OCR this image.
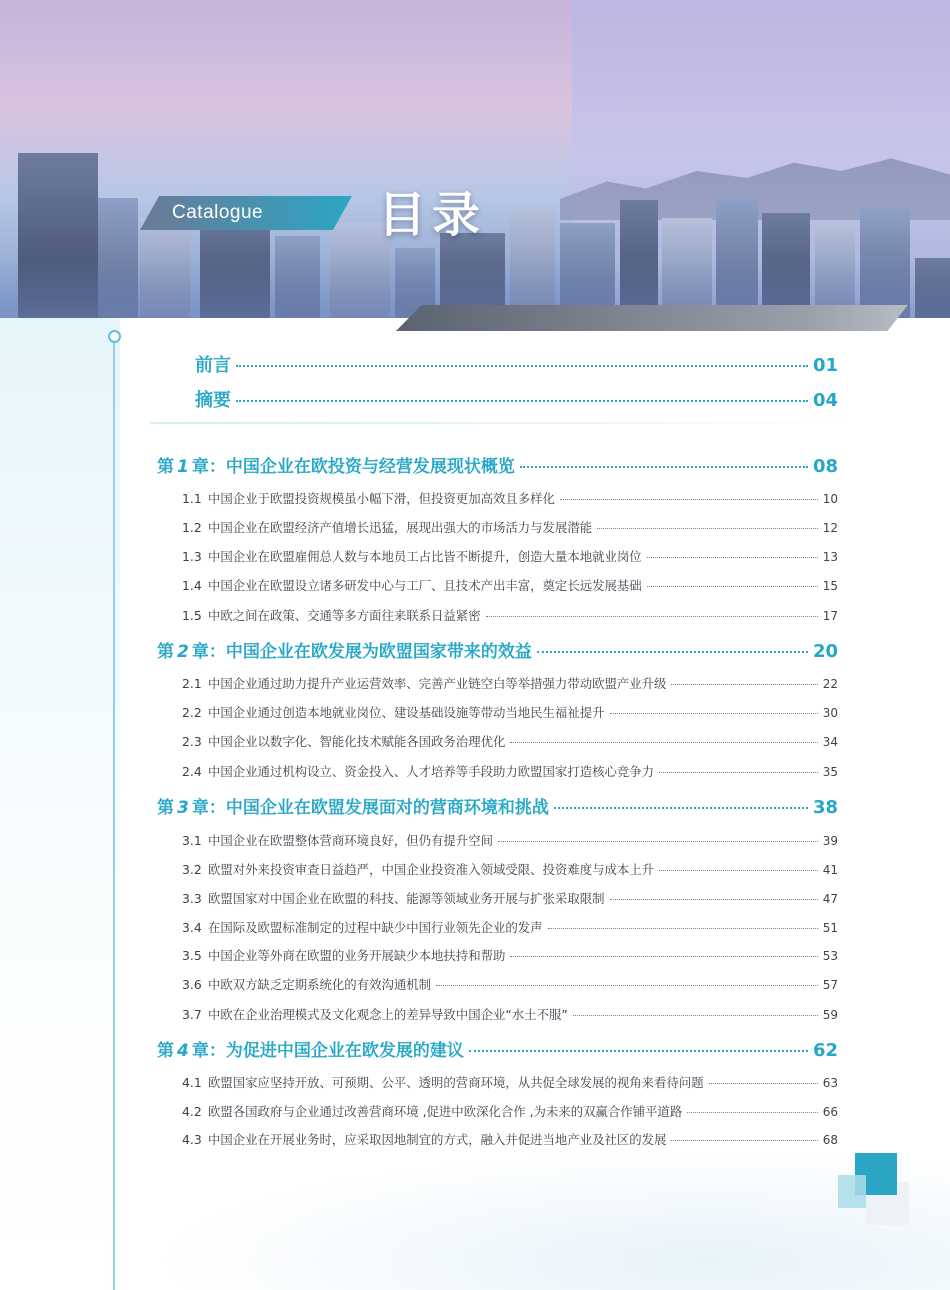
Catalogue 目录
前言	01
摘要	04
第 1 章：中国企业在欧投资与经营发展现状概览	08
1.1 中国企业于欧盟投资规模虽小幅下滑，但投资更加高效且多样化	10
1.2 中国企业在欧盟经济产值增长迅猛，展现出强大的市场活力与发展潜能	12
1.3 中国企业在欧盟雇佣总人数与本地员工占比皆不断提升，创造大量本地就业岗位	13
1.4 中国企业在欧盟设立诸多研发中心与工厂、且技术产出丰富，奠定长远发展基础	15
1.5 中欧之间在政策、交通等多方面往来联系日益紧密	17
第 2 章：中国企业在欧发展为欧盟国家带来的效益	20
2.1 中国企业通过助力提升产业运营效率、完善产业链空白等举措强力带动欧盟产业升级	22
2.2 中国企业通过创造本地就业岗位、建设基础设施等带动当地民生福祉提升	30
2.3 中国企业以数字化、智能化技术赋能各国政务治理优化	34
2.4 中国企业通过机构设立、资金投入、人才培养等手段助力欧盟国家打造核心竞争力	35
第 3 章：中国企业在欧盟发展面对的营商环境和挑战	38
3.1 中国企业在欧盟整体营商环境良好，但仍有提升空间	39
3.2 欧盟对外来投资审查日益趋严，中国企业投资准入领域受限、投资难度与成本上升	41
3.3 欧盟国家对中国企业在欧盟的科技、能源等领域业务开展与扩张采取限制	47
3.4 在国际及欧盟标准制定的过程中缺少中国行业领先企业的发声	51
3.5 中国企业等外商在欧盟的业务开展缺少本地扶持和帮助	53
3.6 中欧双方缺乏定期系统化的有效沟通机制	57
3.7 中欧在企业治理模式及文化观念上的差异导致中国企业“水土不服”	59
第 4 章：为促进中国企业在欧发展的建议	62
4.1 欧盟国家应坚持开放、可预期、公平、透明的营商环境，从共促全球发展的视角来看待问题	63
4.2 欧盟各国政府与企业通过改善营商环境 ,促进中欧深化合作 ,为未来的双赢合作铺平道路	66
4.3 中国企业在开展业务时，应采取因地制宜的方式，融入并促进当地产业及社区的发展	68
